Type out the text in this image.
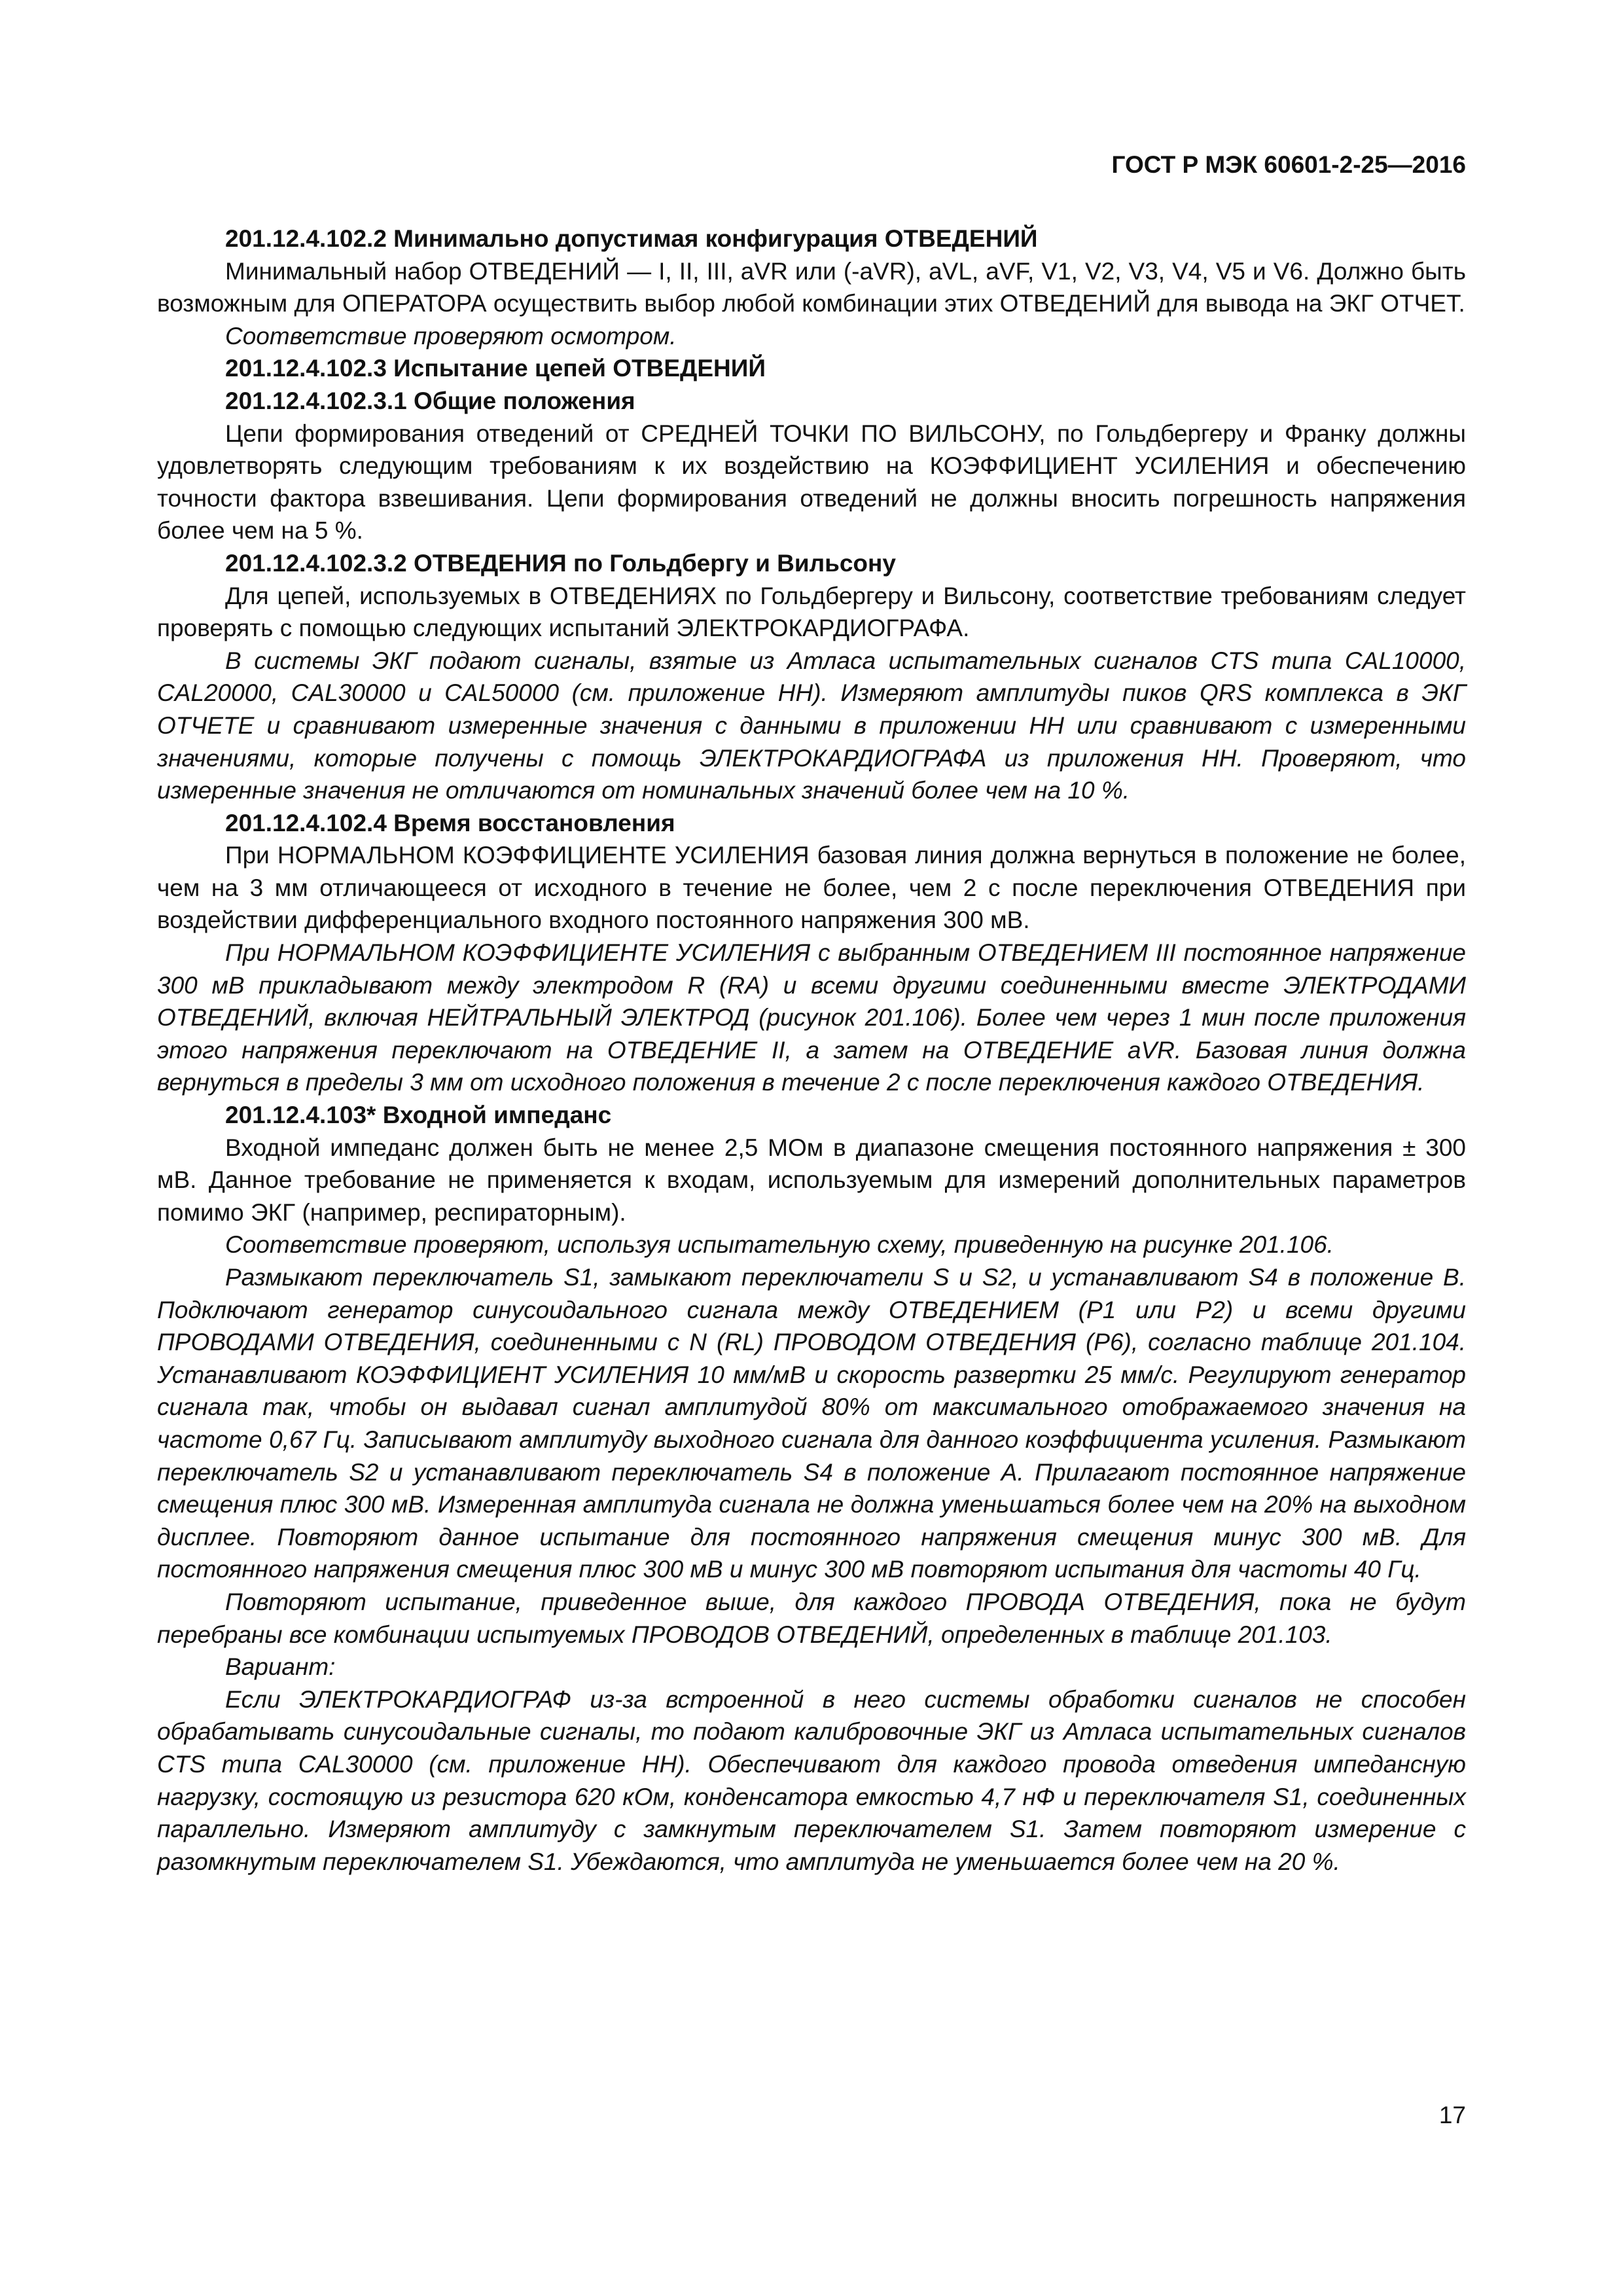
ГОСТ Р МЭК 60601-2-25—2016

201.12.4.102.2 Минимально допустимая конфигурация ОТВЕДЕНИЙ

Минимальный набор ОТВЕДЕНИЙ — I, II, III, aVR или (-aVR), aVL, aVF, V1, V2, V3, V4, V5 и V6. Должно быть возможным для ОПЕРАТОРА осуществить выбор любой комбинации этих ОТВЕДЕНИЙ для вывода на ЭКГ ОТЧЕТ.

Соответствие проверяют осмотром.

201.12.4.102.3 Испытание цепей ОТВЕДЕНИЙ

201.12.4.102.3.1 Общие положения

Цепи формирования отведений от СРЕДНЕЙ ТОЧКИ ПО ВИЛЬСОНУ, по Гольдбергеру и Франку должны удовлетворять следующим требованиям к их воздействию на КОЭФФИЦИЕНТ УСИЛЕНИЯ и обеспечению точности фактора взвешивания. Цепи формирования отведений не должны вносить погрешность напряжения более чем на 5 %.

201.12.4.102.3.2 ОТВЕДЕНИЯ по Гольдбергу и Вильсону

Для цепей, используемых в ОТВЕДЕНИЯХ по Гольдбергеру и Вильсону, соответствие требованиям следует проверять с помощью следующих испытаний ЭЛЕКТРОКАРДИОГРАФА.

В системы ЭКГ подают сигналы, взятые из Атласа испытательных сигналов CTS типа CAL10000, CAL20000, CAL30000 и CAL50000 (см. приложение НН). Измеряют амплитуды пиков QRS комплекса в ЭКГ ОТЧЕТЕ и сравнивают измеренные значения с данными в приложении НН или сравнивают с измеренными значениями, которые получены с помощь ЭЛЕКТРОКАРДИОГРАФА из приложения НН. Проверяют, что измеренные значения не отличаются от номинальных значений более чем на 10 %.

201.12.4.102.4 Время восстановления

При НОРМАЛЬНОМ КОЭФФИЦИЕНТЕ УСИЛЕНИЯ базовая линия должна вернуться в положение не более, чем на 3 мм отличающееся от исходного в течение не более, чем 2 с после переключения ОТВЕДЕНИЯ при воздействии дифференциального входного постоянного напряжения 300 мВ.

При НОРМАЛЬНОМ КОЭФФИЦИЕНТЕ УСИЛЕНИЯ с выбранным ОТВЕДЕНИЕМ III постоянное напряжение 300 мВ прикладывают между электродом R (RA) и всеми другими соединенными вместе ЭЛЕКТРОДАМИ ОТВЕДЕНИЙ, включая НЕЙТРАЛЬНЫЙ ЭЛЕКТРОД (рисунок 201.106). Более чем через 1 мин после приложения этого напряжения переключают на ОТВЕДЕНИЕ II, а затем на ОТВЕДЕНИЕ aVR. Базовая линия должна вернуться в пределы 3 мм от исходного положения в течение 2 с после переключения каждого ОТВЕДЕНИЯ.

201.12.4.103* Входной импеданс

Входной импеданс должен быть не менее 2,5 МОм в диапазоне смещения постоянного напряжения ± 300 мВ. Данное требование не применяется к входам, используемым для измерений дополнительных параметров помимо ЭКГ (например, респираторным).

Соответствие проверяют, используя испытательную схему, приведенную на рисунке 201.106.

Размыкают переключатель S1, замыкают переключатели S и S2, и устанавливают S4 в положение В. Подключают генератор синусоидального сигнала между ОТВЕДЕНИЕМ (P1 или P2) и всеми другими ПРОВОДАМИ ОТВЕДЕНИЯ, соединенными с N (RL) ПРОВОДОМ ОТВЕДЕНИЯ (P6), согласно таблице 201.104. Устанавливают КОЭФФИЦИЕНТ УСИЛЕНИЯ 10 мм/мВ и скорость развертки 25 мм/с. Регулируют генератор сигнала так, чтобы он выдавал сигнал амплитудой 80% от максимального отображаемого значения на частоте 0,67 Гц. Записывают амплитуду выходного сигнала для данного коэффициента усиления. Размыкают переключатель S2 и устанавливают переключатель S4 в положение А. Прилагают постоянное напряжение смещения плюс 300 мВ. Измеренная амплитуда сигнала не должна уменьшаться более чем на 20% на выходном дисплее. Повторяют данное испытание для постоянного напряжения смещения минус 300 мВ. Для постоянного напряжения смещения плюс 300 мВ и минус 300 мВ повторяют испытания для частоты 40 Гц.

Повторяют испытание, приведенное выше, для каждого ПРОВОДА ОТВЕДЕНИЯ, пока не будут перебраны все комбинации испытуемых ПРОВОДОВ ОТВЕДЕНИЙ, определенных в таблице 201.103.

Вариант:

Если ЭЛЕКТРОКАРДИОГРАФ из-за встроенной в него системы обработки сигналов не способен обрабатывать синусоидальные сигналы, то подают калибровочные ЭКГ из Атласа испытательных сигналов CTS типа CAL30000 (см. приложение НН). Обеспечивают для каждого провода отведения импедансную нагрузку, состоящую из резистора 620 кОм, конденсатора емкостью 4,7 нФ и переключателя S1, соединенных параллельно. Измеряют амплитуду с замкнутым переключателем S1. Затем повторяют измерение с разомкнутым переключателем S1. Убеждаются, что амплитуда не уменьшается более чем на 20 %.

17
